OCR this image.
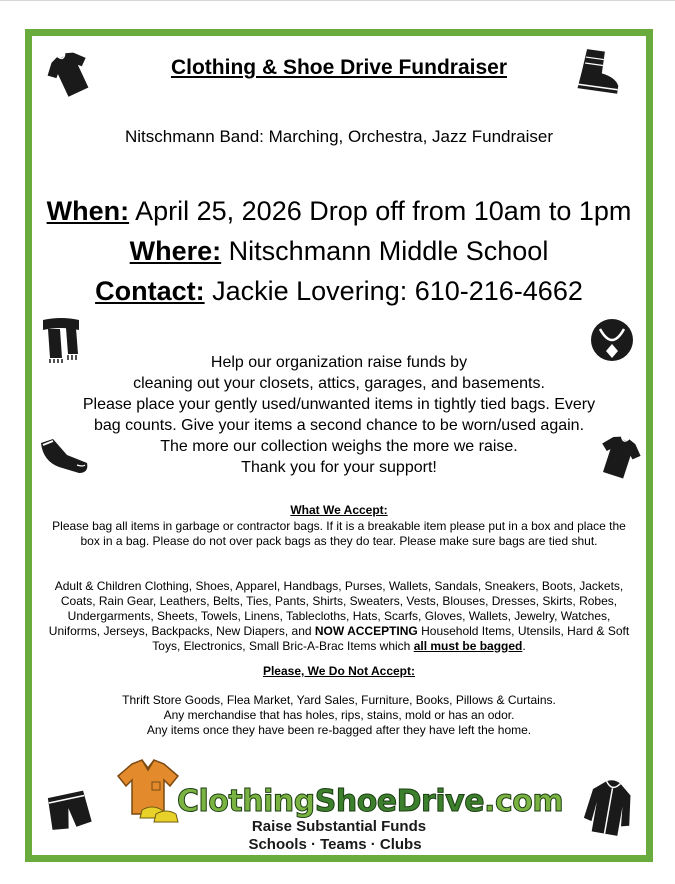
Clothing & Shoe Drive Fundraiser
Nitschmann Band: Marching, Orchestra, Jazz Fundraiser
When: April 25, 2026 Drop off from 10am to 1pm
Where: Nitschmann Middle School
Contact: Jackie Lovering: 610-216-4662
Help our organization raise funds by
cleaning out your closets, attics, garages, and basements.
Please place your gently used/unwanted items in tightly tied bags. Every
bag counts. Give your items a second chance to be worn/used again.
The more our collection weighs the more we raise.
Thank you for your support!
What We Accept:
Please bag all items in garbage or contractor bags. If it is a breakable item please put in a box and place the box in a bag. Please do not over pack bags as they do tear. Please make sure bags are tied shut.
Adult & Children Clothing, Shoes, Apparel, Handbags, Purses, Wallets, Sandals, Sneakers, Boots, Jackets, Coats, Rain Gear, Leathers, Belts, Ties, Pants, Shirts, Sweaters, Vests, Blouses, Dresses, Skirts, Robes, Undergarments, Sheets, Towels, Linens, Tablecloths, Hats, Scarfs, Gloves, Wallets, Jewelry, Watches, Uniforms, Jerseys, Backpacks, New Diapers, and NOW ACCEPTING Household Items, Utensils, Hard & Soft Toys, Electronics, Small Bric-A-Brac Items which all must be bagged.
Please, We Do Not Accept:
Thrift Store Goods, Flea Market, Yard Sales, Furniture, Books, Pillows & Curtains.
Any merchandise that has holes, rips, stains, mold or has an odor.
Any items once they have been re-bagged after they have left the home.
ClothingShoeDrive.com
Raise Substantial Funds
Schools · Teams · Clubs
